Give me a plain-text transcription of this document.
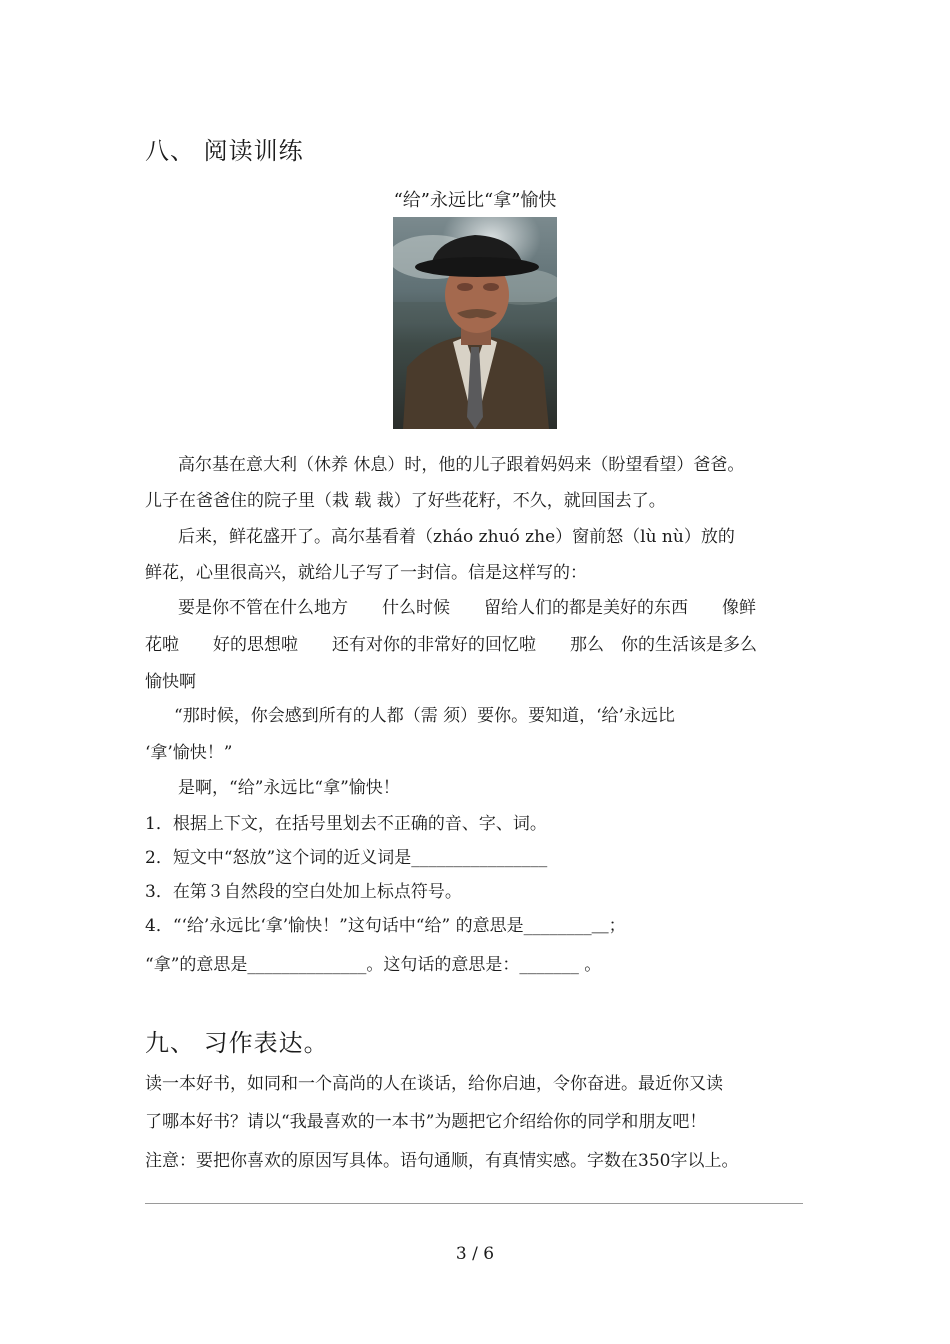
八、 阅读训练
“给”永远比“拿”愉快
高尔基在意大利（休养 休息）时，他的儿子跟着妈妈来（盼望看望）爸爸。
儿子在爸爸住的院子里（栽 载 裁）了好些花籽，不久，就回国去了。
后来，鲜花盛开了。高尔基看着（zháo zhuó zhe）窗前怒（lù nù）放的
鲜花，心里很高兴，就给儿子写了一封信。信是这样写的：
要是你不管在什么地方　　什么时候　　留给人们的都是美好的东西　　像鲜
花啦　　好的思想啦　　还有对你的非常好的回忆啦　　那么　你的生活该是多么
愉快啊
“那时候，你会感到所有的人都（需 须）要你。要知道，‘给’永远比
‘拿’愉快！”
是啊，“给”永远比“拿”愉快！
1．根据上下文，在括号里划去不正确的音、字、词。
2．短文中“怒放”这个词的近义词是________________
3．在第３自然段的空白处加上标点符号。
4．“‘给’永远比‘拿’愉快！”这句话中“给” 的意思是________＿；
“拿”的意思是______________。这句话的意思是：_______ 。
九、 习作表达。
读一本好书，如同和一个高尚的人在谈话，给你启迪，令你奋进。最近你又读
了哪本好书？请以“我最喜欢的一本书”为题把它介绍给你的同学和朋友吧！
注意：要把你喜欢的原因写具体。语句通顺，有真情实感。字数在350字以上。
3 / 6
